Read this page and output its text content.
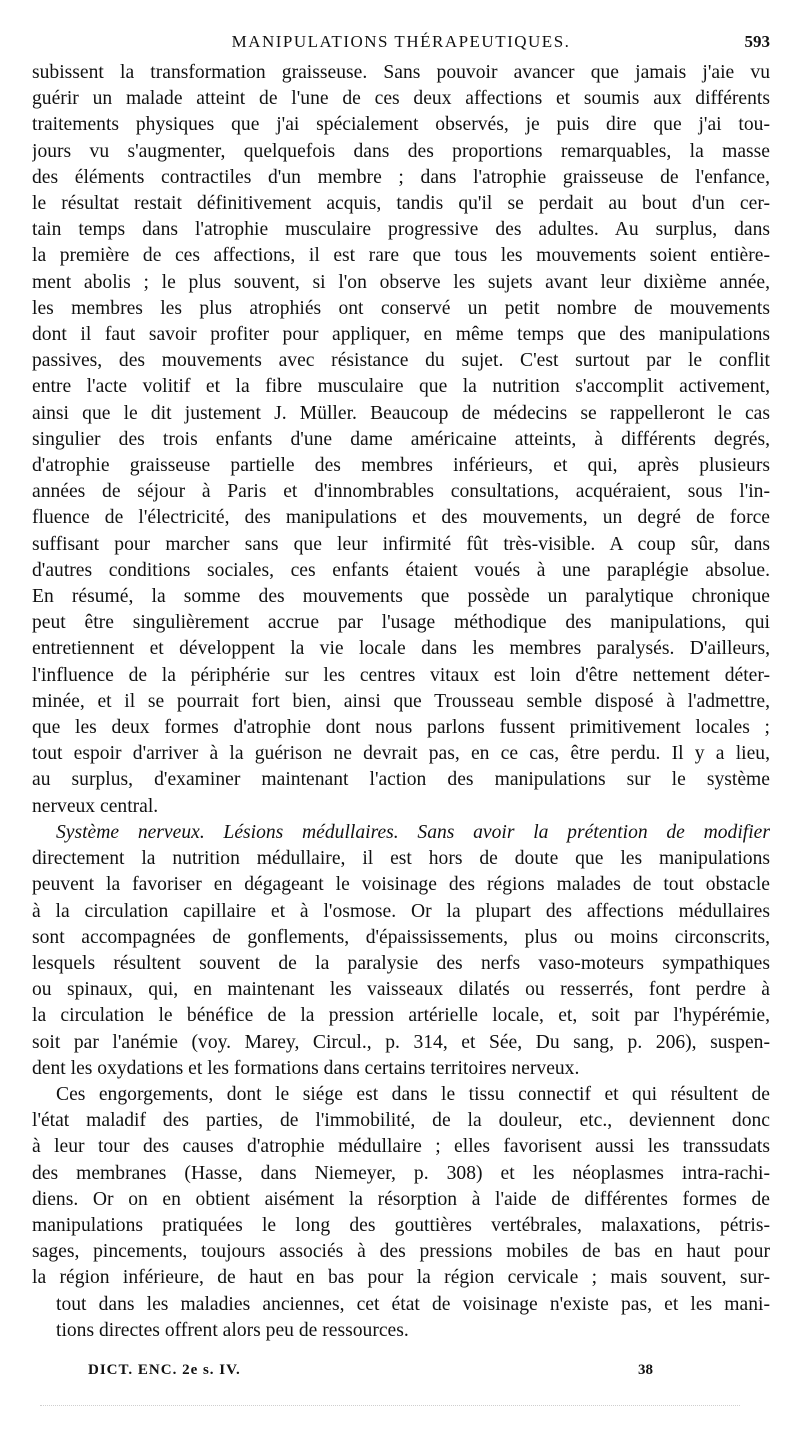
MANIPULATIONS THÉRAPEUTIQUES.	593
subissent la transformation graisseuse. Sans pouvoir avancer que jamais j'aie vu
guérir un malade atteint de l'une de ces deux affections et soumis aux différents
traitements physiques que j'ai spécialement observés, je puis dire que j'ai tou-
jours vu s'augmenter, quelquefois dans des proportions remarquables, la masse
des éléments contractiles d'un membre ; dans l'atrophie graisseuse de l'enfance,
le résultat restait définitivement acquis, tandis qu'il se perdait au bout d'un cer-
tain temps dans l'atrophie musculaire progressive des adultes. Au surplus, dans
la première de ces affections, il est rare que tous les mouvements soient entière-
ment abolis ; le plus souvent, si l'on observe les sujets avant leur dixième année,
les membres les plus atrophiés ont conservé un petit nombre de mouvements
dont il faut savoir profiter pour appliquer, en même temps que des manipulations
passives, des mouvements avec résistance du sujet. C'est surtout par le conflit
entre l'acte volitif et la fibre musculaire que la nutrition s'accomplit activement,
ainsi que le dit justement J. Müller. Beaucoup de médecins se rappelleront le cas
singulier des trois enfants d'une dame américaine atteints, à différents degrés,
d'atrophie graisseuse partielle des membres inférieurs, et qui, après plusieurs
années de séjour à Paris et d'innombrables consultations, acquéraient, sous l'in-
fluence de l'électricité, des manipulations et des mouvements, un degré de force
suffisant pour marcher sans que leur infirmité fût très-visible. A coup sûr, dans
d'autres conditions sociales, ces enfants étaient voués à une paraplégie absolue.
En résumé, la somme des mouvements que possède un paralytique chronique
peut être singulièrement accrue par l'usage méthodique des manipulations, qui
entretiennent et développent la vie locale dans les membres paralysés. D'ailleurs,
l'influence de la périphérie sur les centres vitaux est loin d'être nettement déter-
minée, et il se pourrait fort bien, ainsi que Trousseau semble disposé à l'admettre,
que les deux formes d'atrophie dont nous parlons fussent primitivement locales ;
tout espoir d'arriver à la guérison ne devrait pas, en ce cas, être perdu. Il y a lieu,
au surplus, d'examiner maintenant l'action des manipulations sur le système
nerveux central.
Système nerveux. Lésions médullaires. Sans avoir la prétention de modifier
directement la nutrition médullaire, il est hors de doute que les manipulations
peuvent la favoriser en dégageant le voisinage des régions malades de tout obstacle
à la circulation capillaire et à l'osmose. Or la plupart des affections médullaires
sont accompagnées de gonflements, d'épaississements, plus ou moins circonscrits,
lesquels résultent souvent de la paralysie des nerfs vaso-moteurs sympathiques
ou spinaux, qui, en maintenant les vaisseaux dilatés ou resserrés, font perdre à
la circulation le bénéfice de la pression artérielle locale, et, soit par l'hypérémie,
soit par l'anémie (voy. Marey, Circul., p. 314, et Sée, Du sang, p. 206), suspen-
dent les oxydations et les formations dans certains territoires nerveux.
Ces engorgements, dont le siége est dans le tissu connectif et qui résultent de
l'état maladif des parties, de l'immobilité, de la douleur, etc., deviennent donc
à leur tour des causes d'atrophie médullaire ; elles favorisent aussi les transsudats
des membranes (Hasse, dans Niemeyer, p. 308) et les néoplasmes intra-rachi-
diens. Or on en obtient aisément la résorption à l'aide de différentes formes de
manipulations pratiquées le long des gouttières vertébrales, malaxations, pétris-
sages, pincements, toujours associés à des pressions mobiles de bas en haut pour
la région inférieure, de haut en bas pour la région cervicale ; mais souvent, sur-
tout dans les maladies anciennes, cet état de voisinage n'existe pas, et les mani-
tions directes offrent alors peu de ressources.
DICT. ENC. 2e s. IV.	38
